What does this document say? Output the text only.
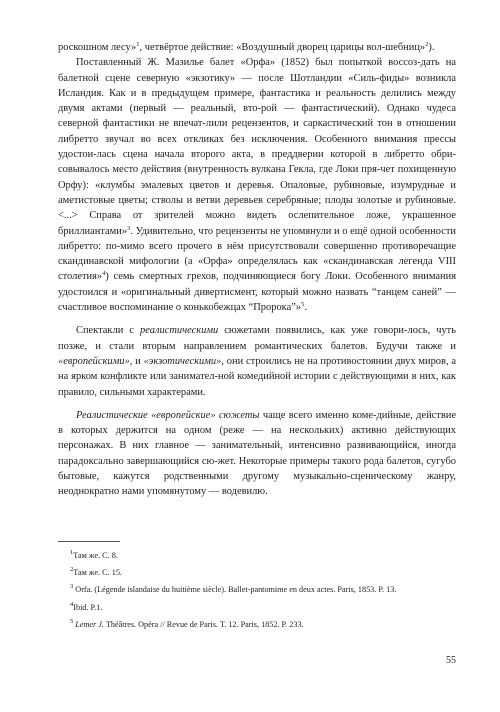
роскошном лесу»$^1$, четвёртое действие: «Воздушный дворец царицы вол-шебниц»$^2$).

Поставленный Ж. Мазилье балет «Орфа» (1852) был попыткой воссоз-дать на балетной сцене северную «экзотику» — после Шотландии «Силь-фиды» возникла Исландия. Как и в предыдущем примере, фантастика и реальность делились между двумя актами (первый — реальный, вто-рой — фантастический). Однако чудеса северной фантастики не впечат-лили рецензентов, и саркастический тон в отношении либретто звучал во всех откликах без исключения. Особенного внимания прессы удостои-лась сцена начала второго акта, в преддверии которой в либретто обри-совывалось место действия (внутренность вулкана Гекла, где Локи пря-чет похищенную Орфу): «клумбы эмалевых цветов и деревья. Опаловые, рубиновые, изумрудные и аметистовые цветы; стволы и ветви деревьев серебряные; плоды золотые и рубиновые. <...> Справа от зрителей можно видеть ослепительное ложе, украшенное бриллиантами»$^3$. Удивительно, что рецензенты не упомянули и о ещё одной особенности либретто: по-мимо всего прочего в нём присутствовали совершенно противоречащие скандинавской мифологии (а «Орфа» определялась как «скандинавская легенда VIII столетия»$^4$) семь смертных грехов, подчиняющиеся богу Локи. Особенного внимания удостоился и «оригинальный дивертисмент, который можно назвать “танцем саней” — счастливое воспоминание о конькобежцах “Пророка”»$^5$.

Спектакли с реалистическими сюжетами появились, как уже говори-лось, чуть позже, и стали вторым направлением романтических балетов. Будучи также и «европейскими», и «экзотическими», они строились не на противостоянии двух миров, а на ярком конфликте или занимател-ной комедийной истории с действующими в них, как правило, сильными характерами.

Реалистические «европейские» сюжеты чаще всего именно коме-дийные, действие в которых держится на одном (реже — на нескольких) активно действующих персонажах. В них главное — занимательный, интенсивно развивающийся, иногда парадоксально завершающийся сю-жет. Некоторые примеры такого рода балетов, сугубо бытовые, кажутся родственными другому музыкально-сценическому жанру, неоднократно нами упомянутому — водевилю.

$^1$Там же. С. 8.

$^2$Там же. С. 15.

$^3$ Orfa. (Légende islandaise du huitième siècle). Ballet-pantomime en deux actes. Paris, 1853. P. 13.

$^4$Ibid. P.1.

$^5$ Lemer J. Théâtres. Opéra // Revue de Paris. T. 12. Paris, 1852. P. 233.

55
